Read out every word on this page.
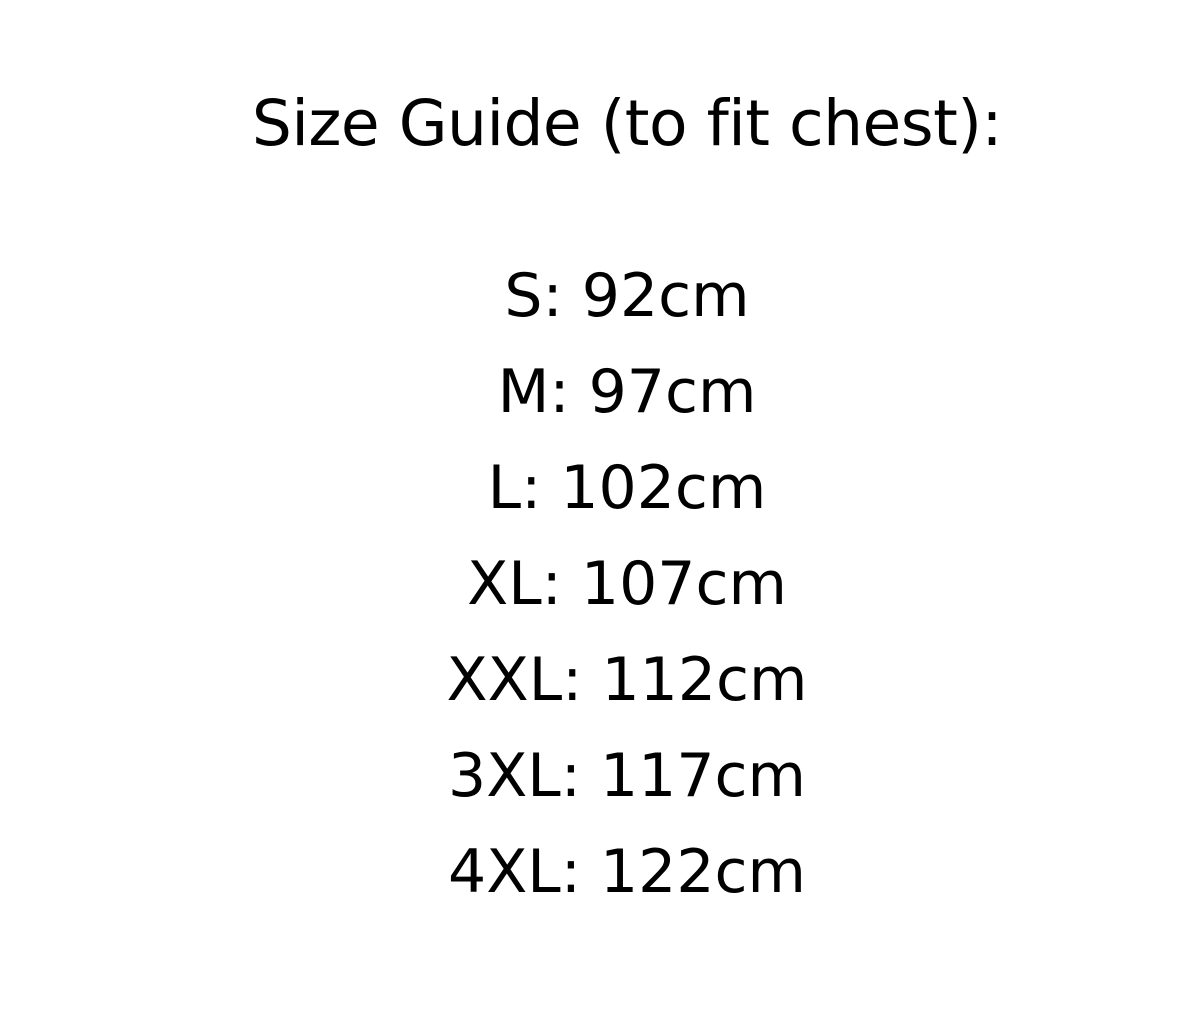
Size Guide (to fit chest):
S: 92cm
M: 97cm
L: 102cm
XL: 107cm
XXL: 112cm
3XL: 117cm
4XL: 122cm
